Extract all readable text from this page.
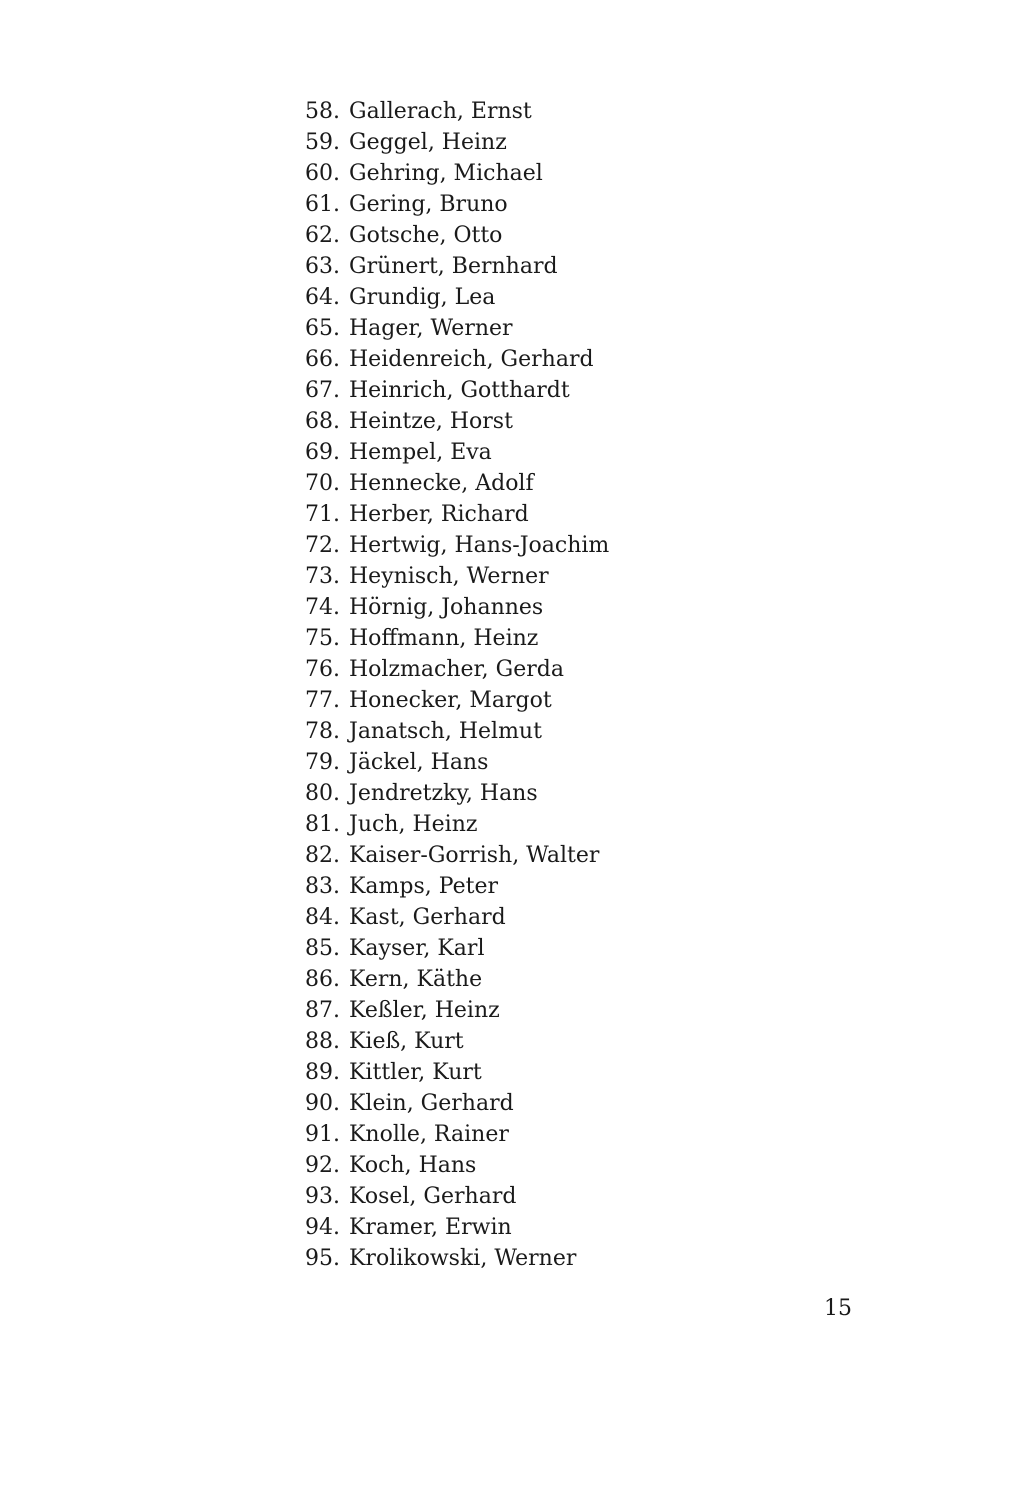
58. Gallerach, Ernst
59. Geggel, Heinz
60. Gehring, Michael
61. Gering, Bruno
62. Gotsche, Otto
63. Grünert, Bernhard
64. Grundig, Lea
65. Hager, Werner
66. Heidenreich, Gerhard
67. Heinrich, Gotthardt
68. Heintze, Horst
69. Hempel, Eva
70. Hennecke, Adolf
71. Herber, Richard
72. Hertwig, Hans-Joachim
73. Heynisch, Werner
74. Hörnig, Johannes
75. Hoffmann, Heinz
76. Holzmacher, Gerda
77. Honecker, Margot
78. Janatsch, Helmut
79. Jäckel, Hans
80. Jendretzky, Hans
81. Juch, Heinz
82. Kaiser-Gorrish, Walter
83. Kamps, Peter
84. Kast, Gerhard
85. Kayser, Karl
86. Kern, Käthe
87. Keßler, Heinz
88. Kieß, Kurt
89. Kittler, Kurt
90. Klein, Gerhard
91. Knolle, Rainer
92. Koch, Hans
93. Kosel, Gerhard
94. Kramer, Erwin
95. Krolikowski, Werner
15
